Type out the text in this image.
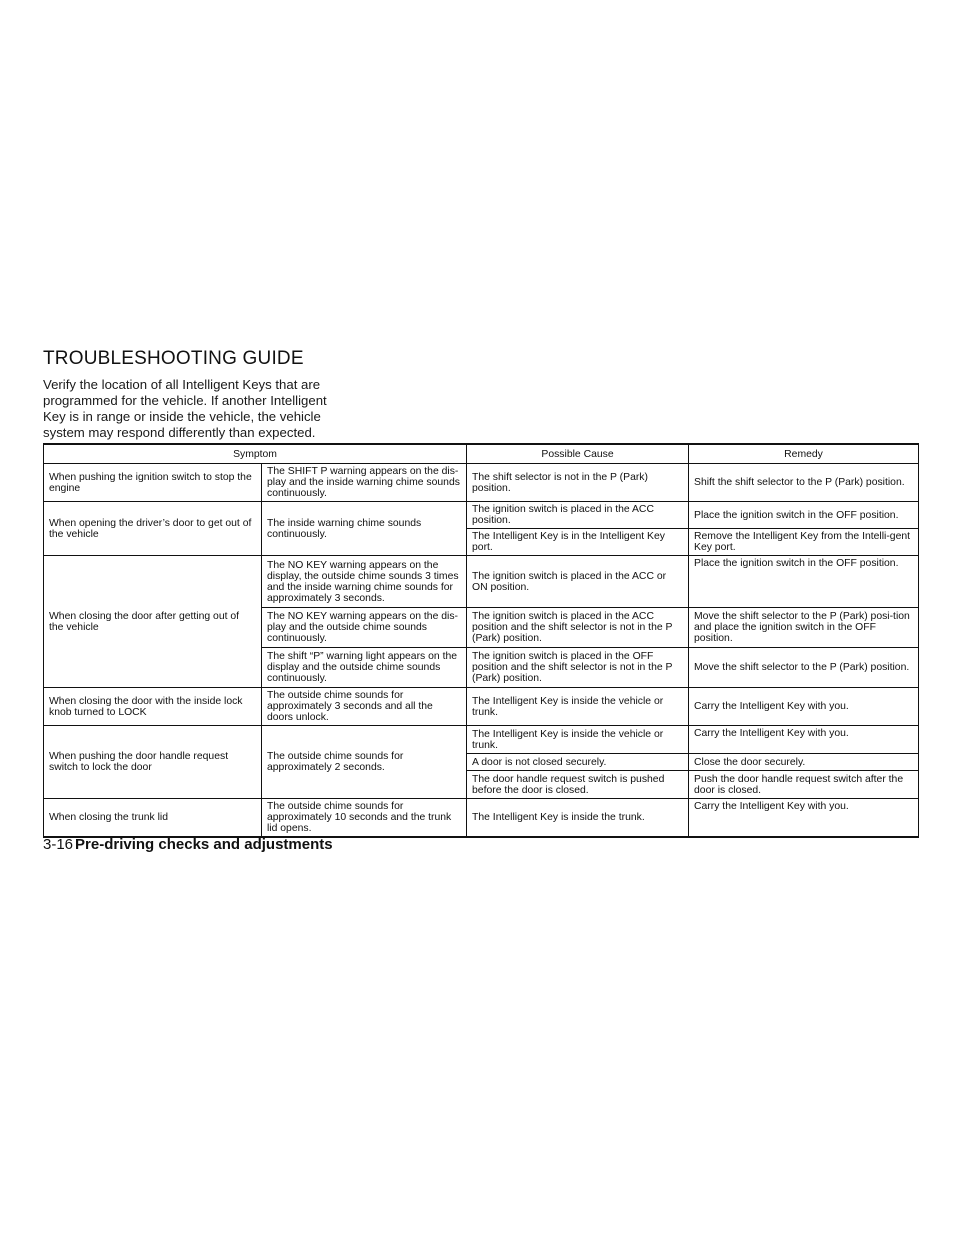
TROUBLESHOOTING GUIDE

Verify the location of all Intelligent Keys that are
programmed for the vehicle. If another Intelligent
Key is in range or inside the vehicle, the vehicle
system may respond differently than expected.

Symptom		Possible Cause	Remedy
When pushing the ignition switch to stop the engine	The SHIFT P warning appears on the dis-play and the inside warning chime sounds continuously.	The shift selector is not in the P (Park) position.	Shift the shift selector to the P (Park) position.
When opening the driver’s door to get out of the vehicle	The inside warning chime sounds continuously.	The ignition switch is placed in the ACC position.	Place the ignition switch in the OFF position.
		The Intelligent Key is in the Intelligent Key port.	Remove the Intelligent Key from the Intelli-gent Key port.
When closing the door after getting out of the vehicle	The NO KEY warning appears on the display, the outside chime sounds 3 times and the inside warning chime sounds for approximately 3 seconds.	The ignition switch is placed in the ACC or ON position.	Place the ignition switch in the OFF position.
	The NO KEY warning appears on the dis-play and the outside chime sounds continuously.	The ignition switch is placed in the ACC position and the shift selector is not in the P (Park) position.	Move the shift selector to the P (Park) posi-tion and place the ignition switch in the OFF position.
	The shift “P” warning light appears on the display and the outside chime sounds continuously.	The ignition switch is placed in the OFF position and the shift selector is not in the P (Park) position.	Move the shift selector to the P (Park) position.
When closing the door with the inside lock knob turned to LOCK	The outside chime sounds for approximately 3 seconds and all the doors unlock.	The Intelligent Key is inside the vehicle or trunk.	Carry the Intelligent Key with you.
When pushing the door handle request switch to lock the door	The outside chime sounds for approximately 2 seconds.	The Intelligent Key is inside the vehicle or trunk.	Carry the Intelligent Key with you.
		A door is not closed securely.	Close the door securely.
		The door handle request switch is pushed before the door is closed.	Push the door handle request switch after the door is closed.
When closing the trunk lid	The outside chime sounds for approximately 10 seconds and the trunk lid opens.	The Intelligent Key is inside the trunk.	Carry the Intelligent Key with you.

3-16 Pre-driving checks and adjustments
